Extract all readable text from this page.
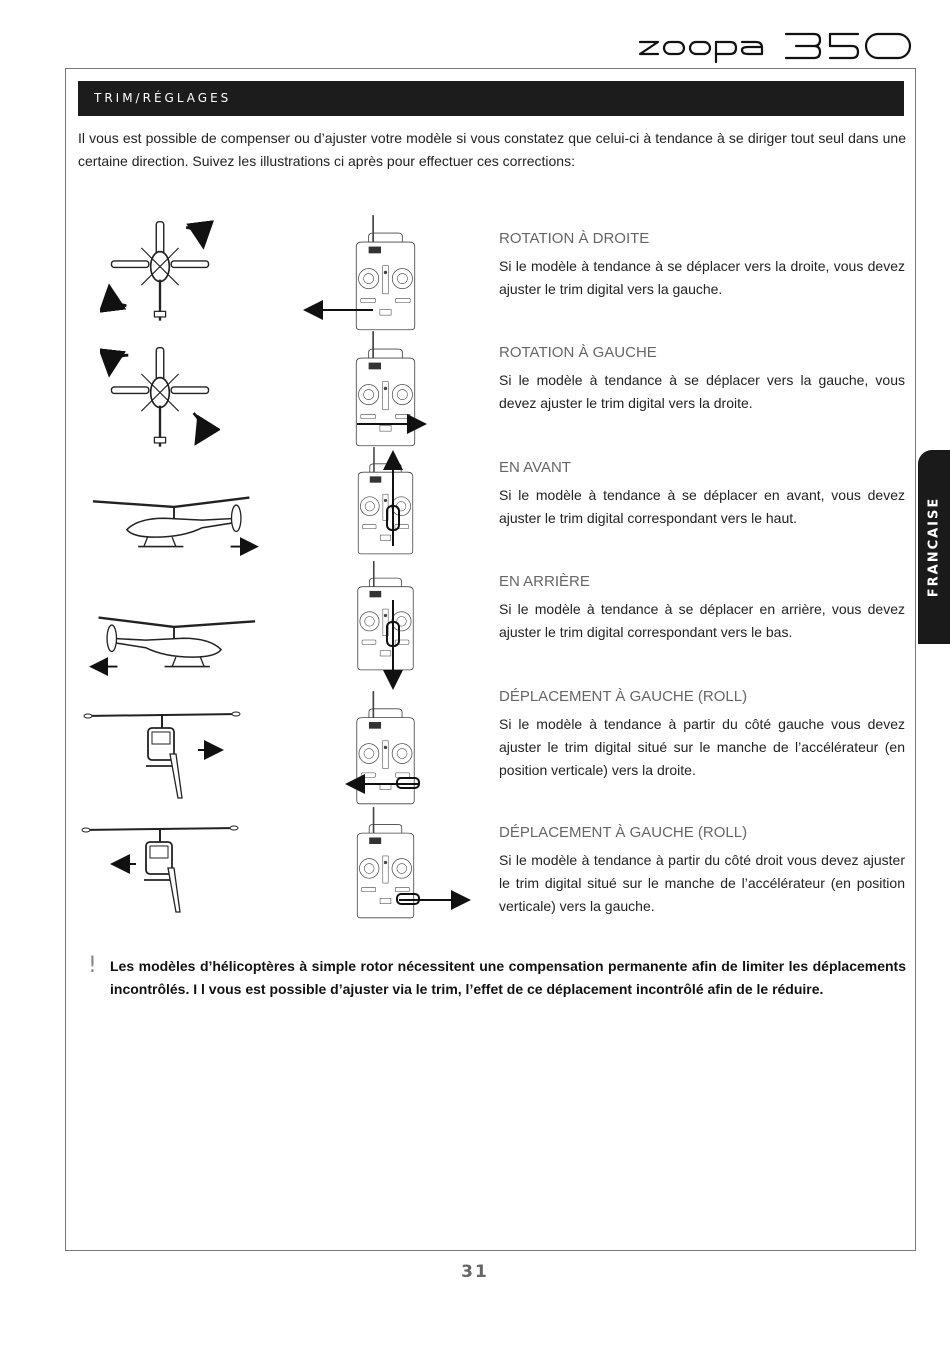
TRIM/RÉGLAGES

Il vous est possible de compenser ou d’ajuster votre modèle si vous constatez que celui-ci à tendance à se diriger tout seul dans une certaine direction. Suivez les illustrations ci après pour effectuer ces corrections:

FRANCAISE
ROTATION À DROITE

Si le modèle à tendance à se déplacer vers la droite, vous devez ajuster le trim digital vers la gauche.

ROTATION À GAUCHE

Si le modèle à tendance à se déplacer vers la gauche, vous devez ajuster le trim digital vers la droite.

EN AVANT

Si le modèle à tendance à se déplacer en avant, vous devez ajuster le trim digital correspondant vers le haut.

EN ARRIÈRE

Si le modèle à tendance à se déplacer en arrière, vous devez ajuster le trim digital correspondant vers le bas.

DÉPLACEMENT À GAUCHE (ROLL)

Si le modèle à tendance à partir du côté gauche vous devez ajuster le trim digital situé sur le manche de l’accélérateur (en position verticale) vers la droite.

DÉPLACEMENT À GAUCHE (ROLL)

Si le modèle à tendance à partir du côté droit vous devez ajuster le trim digital situé sur le manche de l’accélérateur (en position verticale) vers la gauche.

! Les modèles d’hélicoptères à simple rotor nécessitent une compensation permanente afin de limiter les déplacements incontrôlés. I l vous est possible d’ajuster via le trim, l’effet de ce déplacement incontrôlé afin de le réduire.

31
